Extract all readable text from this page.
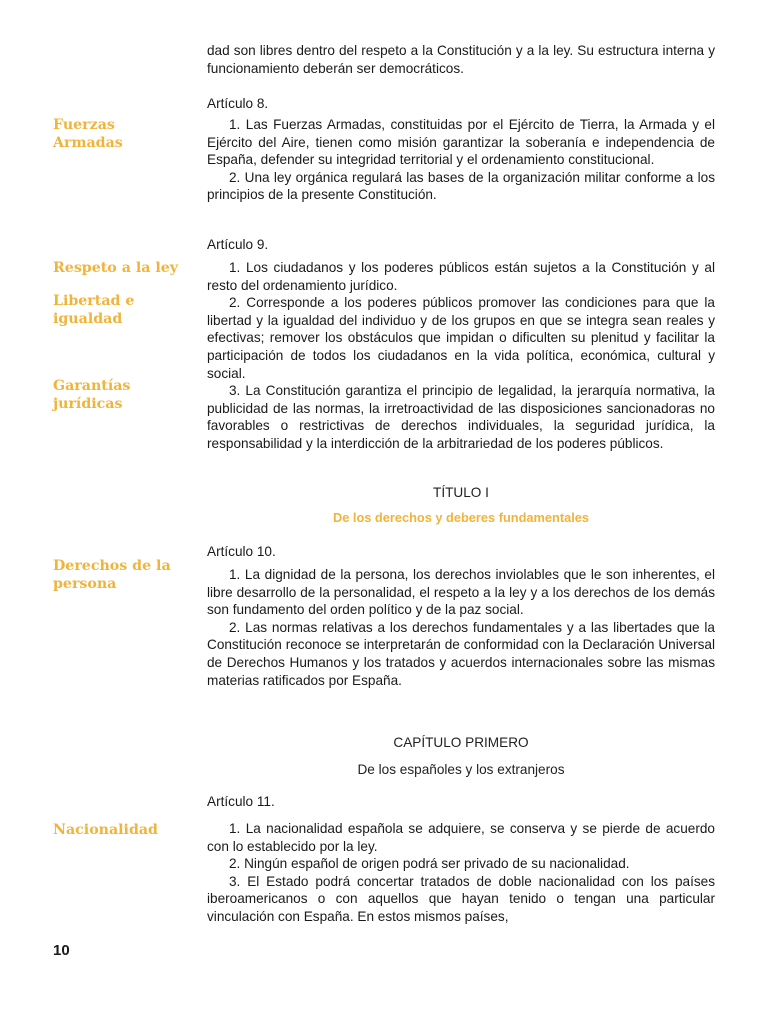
dad son libres dentro del respeto a la Constitución y a la ley. Su estructura interna y funcionamiento deberán ser democráticos.

Artículo 8.

1. Las Fuerzas Armadas, constituidas por el Ejército de Tierra, la Armada y el Ejército del Aire, tienen como misión garantizar la soberanía e independencia de España, defender su integridad territorial y el ordenamiento constitucional.

2. Una ley orgánica regulará las bases de la organización militar conforme a los principios de la presente Constitución.

Artículo 9.

1. Los ciudadanos y los poderes públicos están sujetos a la Constitución y al resto del ordenamiento jurídico.

2. Corresponde a los poderes públicos promover las condiciones para que la libertad y la igualdad del individuo y de los grupos en que se integra sean reales y efectivas; remover los obstáculos que impidan o dificulten su plenitud y facilitar la participación de todos los ciudadanos en la vida política, económica, cultural y social.

3. La Constitución garantiza el principio de legalidad, la jerarquía normativa, la publicidad de las normas, la irretroactividad de las disposiciones sancionadoras no favorables o restrictivas de derechos individuales, la seguridad jurídica, la responsabilidad y la interdicción de la arbitrariedad de los poderes públicos.

TÍTULO I
De los derechos y deberes fundamentales
Artículo 10.

1. La dignidad de la persona, los derechos inviolables que le son inherentes, el libre desarrollo de la personalidad, el respeto a la ley y a los derechos de los demás son fundamento del orden político y de la paz social.

2. Las normas relativas a los derechos fundamentales y a las libertades que la Constitución reconoce se interpretarán de conformidad con la Declaración Universal de Derechos Humanos y los tratados y acuerdos internacionales sobre las mismas materias ratificados por España.

CAPÍTULO PRIMERO
De los españoles y los extranjeros
Artículo 11.

1. La nacionalidad española se adquiere, se conserva y se pierde de acuerdo con lo establecido por la ley.

2. Ningún español de origen podrá ser privado de su nacionalidad.

3. El Estado podrá concertar tratados de doble nacionalidad con los países iberoamericanos o con aquellos que hayan tenido o tengan una particular vinculación con España. En estos mismos países,

Fuerzas
Armadas
Respeto a la ley
Libertad e
igualdad
Garantías
jurídicas
Derechos de la
persona
Nacionalidad
10
